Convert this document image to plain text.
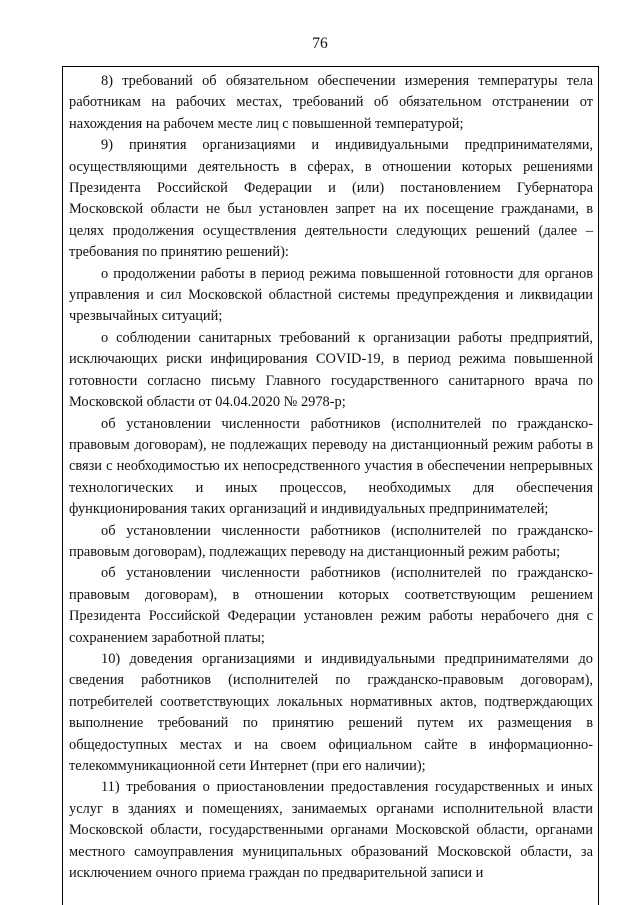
76

8) требований об обязательном обеспечении измерения температуры тела работникам на рабочих местах, требований об обязательном отстранении от нахождения на рабочем месте лиц с повышенной температурой;

9) принятия организациями и индивидуальными предпринимателями, осуществляющими деятельность в сферах, в отношении которых решениями Президента Российской Федерации и (или) постановлением Губернатора Московской области не был установлен запрет на их посещение гражданами, в целях продолжения осуществления деятельности следующих решений (далее – требования по принятию решений):

о продолжении работы в период режима повышенной готовности для органов управления и сил Московской областной системы предупреждения и ликвидации чрезвычайных ситуаций;

о соблюдении санитарных требований к организации работы предприятий, исключающих риски инфицирования COVID-19, в период режима повышенной готовности согласно письму Главного государственного санитарного врача по Московской области от 04.04.2020 № 2978-р;

об установлении численности работников (исполнителей по гражданско-правовым договорам), не подлежащих переводу на дистанционный режим работы в связи с необходимостью их непосредственного участия в обеспечении непрерывных технологических и иных процессов, необходимых для обеспечения функционирования таких организаций и индивидуальных предпринимателей;

об установлении численности работников (исполнителей по гражданско-правовым договорам), подлежащих переводу на дистанционный режим работы;

об установлении численности работников (исполнителей по гражданско-правовым договорам), в отношении которых соответствующим решением Президента Российской Федерации установлен режим работы нерабочего дня с сохранением заработной платы;

10) доведения организациями и индивидуальными предпринимателями до сведения работников (исполнителей по гражданско-правовым договорам), потребителей соответствующих локальных нормативных актов, подтверждающих выполнение требований по принятию решений путем их размещения в общедоступных местах и на своем официальном сайте в информационно-телекоммуникационной сети Интернет (при его наличии);

11) требования о приостановлении предоставления государственных и иных услуг в зданиях и помещениях, занимаемых органами исполнительной власти Московской области, государственными органами Московской области, органами местного самоуправления муниципальных образований Московской области, за исключением очного приема граждан по предварительной записи и
